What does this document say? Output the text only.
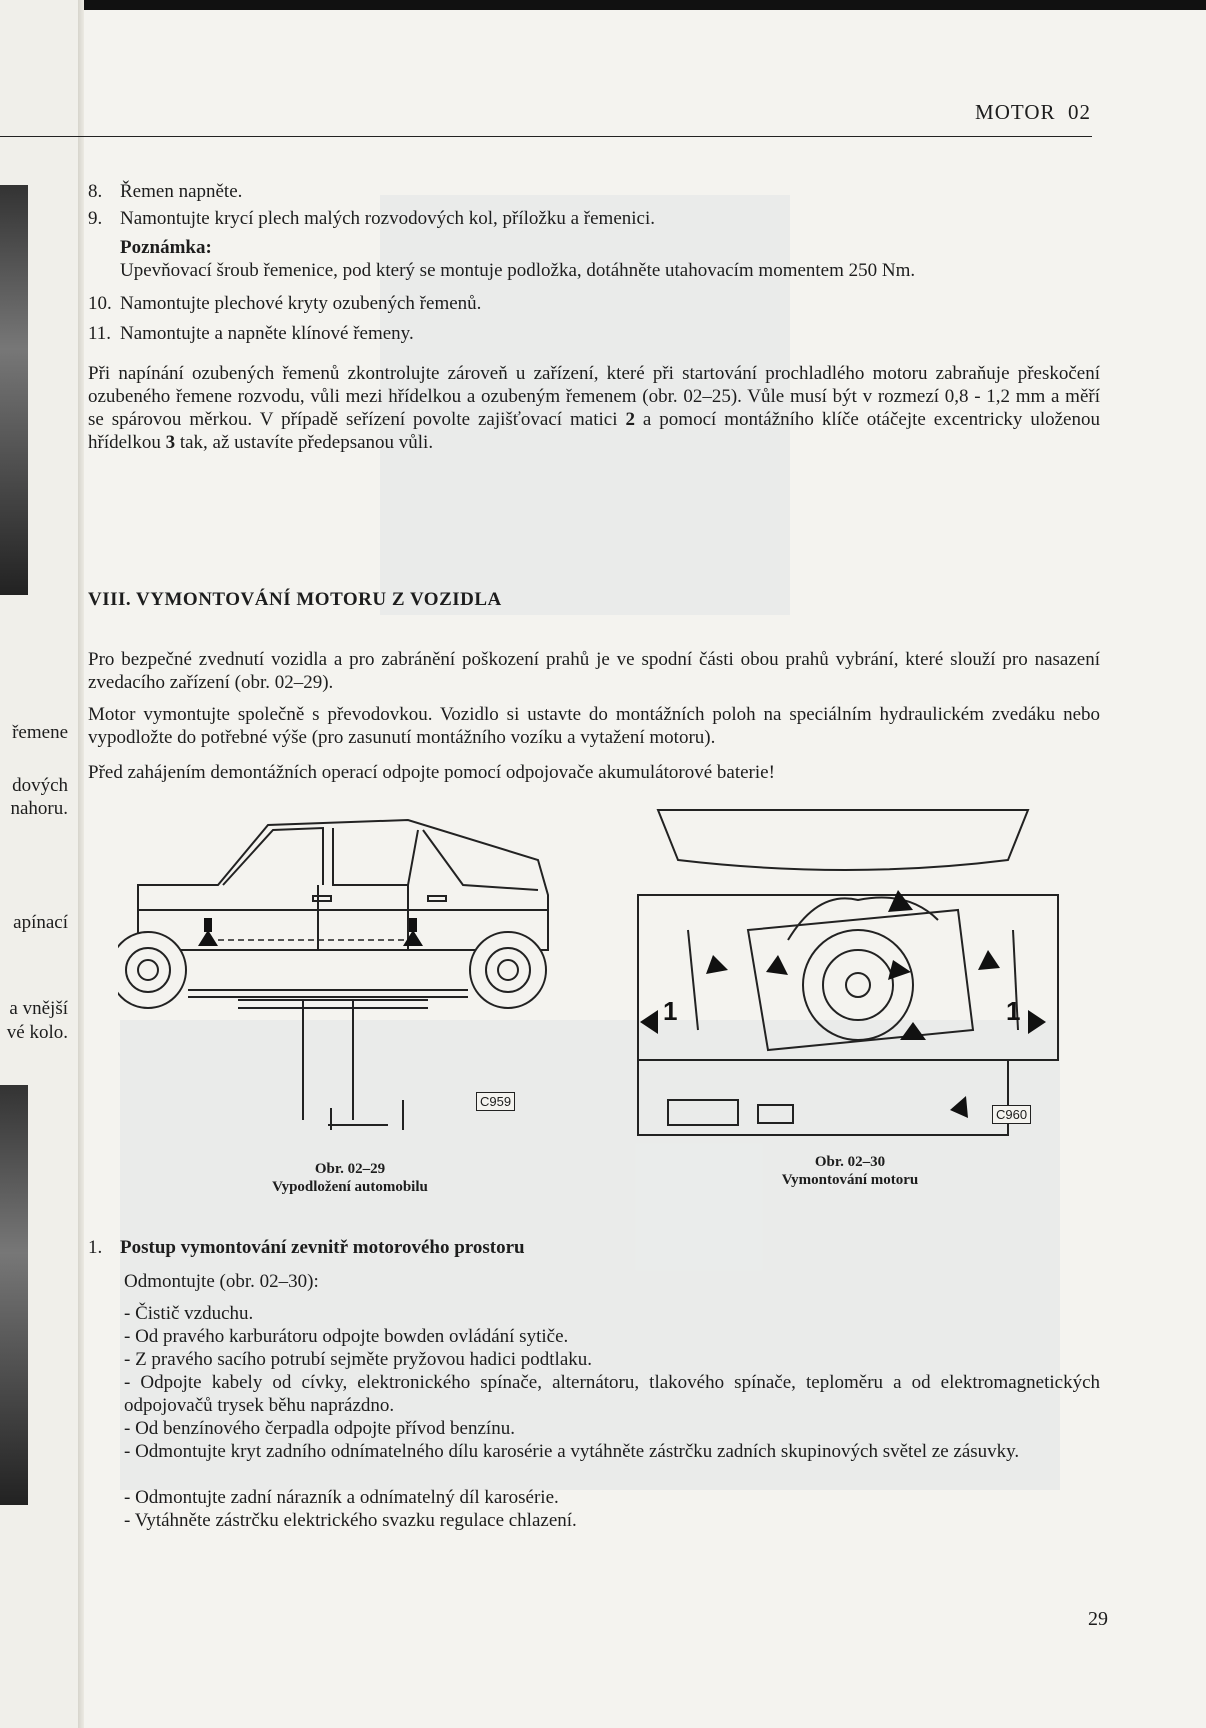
řemene
dových
nahoru.
apínací
a vnější
vé kolo.
MOTOR  02
8. Řemen napněte.
9. Namontujte krycí plech malých rozvodových kol, příložku a řemenici.
Poznámka:
Upevňovací šroub řemenice, pod který se montuje podložka, dotáhněte utahovacím momentem 250 Nm.
10. Namontujte plechové kryty ozubených řemenů.
11. Namontujte a napněte klínové řemeny.
Při napínání ozubených řemenů zkontrolujte zároveň u zařízení, které při startování prochladlého motoru zabraňuje přeskočení ozubeného řemene rozvodu, vůli mezi hřídelkou a ozubeným řemenem (obr. 02–25). Vůle musí být v rozmezí 0,8 - 1,2 mm a měří se spárovou měrkou. V případě seřízení povolte zajišťovací matici 2 a pomocí montážního klíče otáčejte excentricky uloženou hřídelkou 3 tak, až ustavíte předepsanou vůli.
VIII. VYMONTOVÁNÍ MOTORU Z VOZIDLA
Pro bezpečné zvednutí vozidla a pro zabránění poškození prahů je ve spodní části obou prahů vybrání, které slouží pro nasazení zvedacího zařízení (obr. 02–29).
Motor vymontujte společně s převodovkou. Vozidlo si ustavte do montážních poloh na speciálním hydraulickém zvedáku nebo vypodložte do potřebné výše (pro zasunutí montážního vozíku a vytažení motoru).
Před zahájením demontážních operací odpojte pomocí odpojovače akumulátorové baterie!
C959
Obr. 02–29
Vypodložení automobilu
1	1
C960
Obr. 02–30
Vymontování motoru
1. Postup vymontování zevnitř motorového prostoru
Odmontujte (obr. 02–30):
- Čistič vzduchu.
- Od pravého karburátoru odpojte bowden ovládání sytiče.
- Z pravého sacího potrubí sejměte pryžovou hadici podtlaku.
- Odpojte kabely od cívky, elektronického spínače, alternátoru, tlakového spínače, teploměru a od elektromagnetických odpojovačů trysek běhu naprázdno.
- Od benzínového čerpadla odpojte přívod benzínu.
- Odmontujte kryt zadního odnímatelného dílu karosérie a vytáhněte zástrčku zadních skupinových světel ze zásuvky.
- Odmontujte zadní nárazník a odnímatelný díl karosérie.
- Vytáhněte zástrčku elektrického svazku regulace chlazení.
29
